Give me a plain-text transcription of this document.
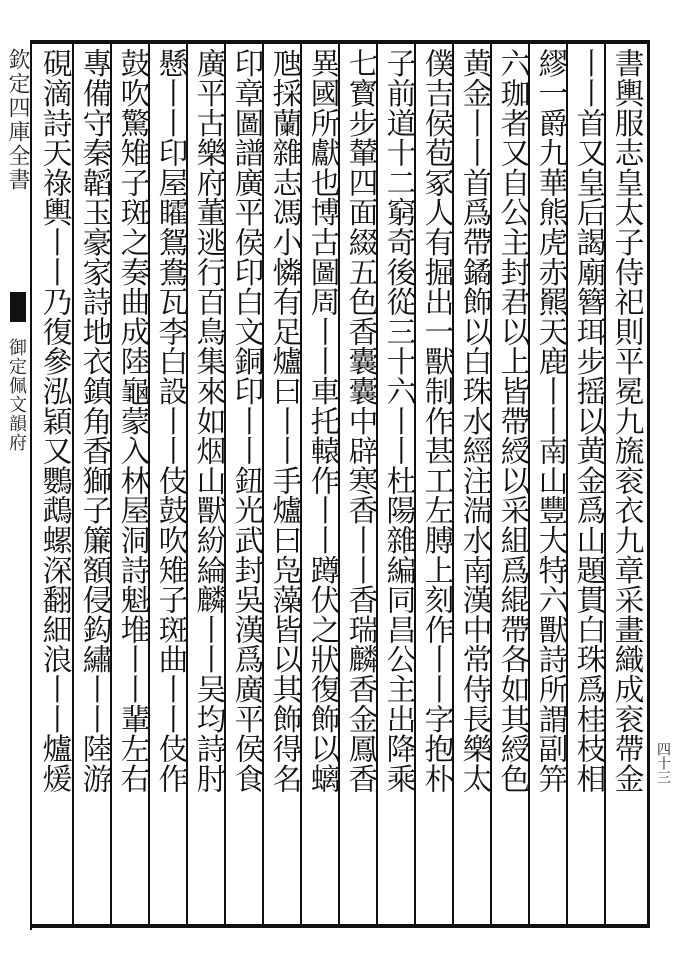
欽定四庫全書
御定佩文韻府
四十三
書輿服志皇太子侍祀則平冕九旒衮衣九章采畫織成衮帶金
丨丨首又皇后謁廟簪珥步摇以黄金爲山題貫白珠爲桂枝相
繆一爵九華熊虎赤羆天鹿丨丨南山豐大特六獸詩所謂副笄
六珈者又自公主封君以上皆帶綬以采組爲緄帶各如其綬色
黄金丨丨首爲帶鐍飾以白珠水經注湍水南漢中常侍長樂太
僕吉侯苞冢人有掘出一獸制作甚工左膊上刻作丨丨字抱朴
子前道十二窮奇後從三十六丨丨杜陽雜編同昌公主出降乘
七寳步輦四面綴五色香囊囊中辟寒香丨丨香瑞麟香金鳳香
異國所獻也博古圖周丨丨車托轅作丨丨蹲伏之狀復飾以螭
虺採蘭雜志馮小憐有足爐曰丨丨手爐曰凫藻皆以其飾得名
印章圖譜廣平侯印白文銅印丨丨鈕光武封吳漢爲廣平侯食
廣平古樂府董逃行百鳥集來如烟山獸紛綸麟丨丨吴均詩肘
懸丨丨印屋矐鴛鴦瓦李白設丨丨伎鼓吹雉子斑曲丨丨伎作
鼓吹驚雉子斑之奏曲成陸龜蒙入林屋洞詩魁堆丨丨輩左右
專備守秦韜玉豪家詩地衣鎮角香獅子簾額侵鈎繡丨丨陸游
硯滴詩天祿輿丨丨乃復參泓穎又鸚鵡螺深翻細浪丨丨爐煖
